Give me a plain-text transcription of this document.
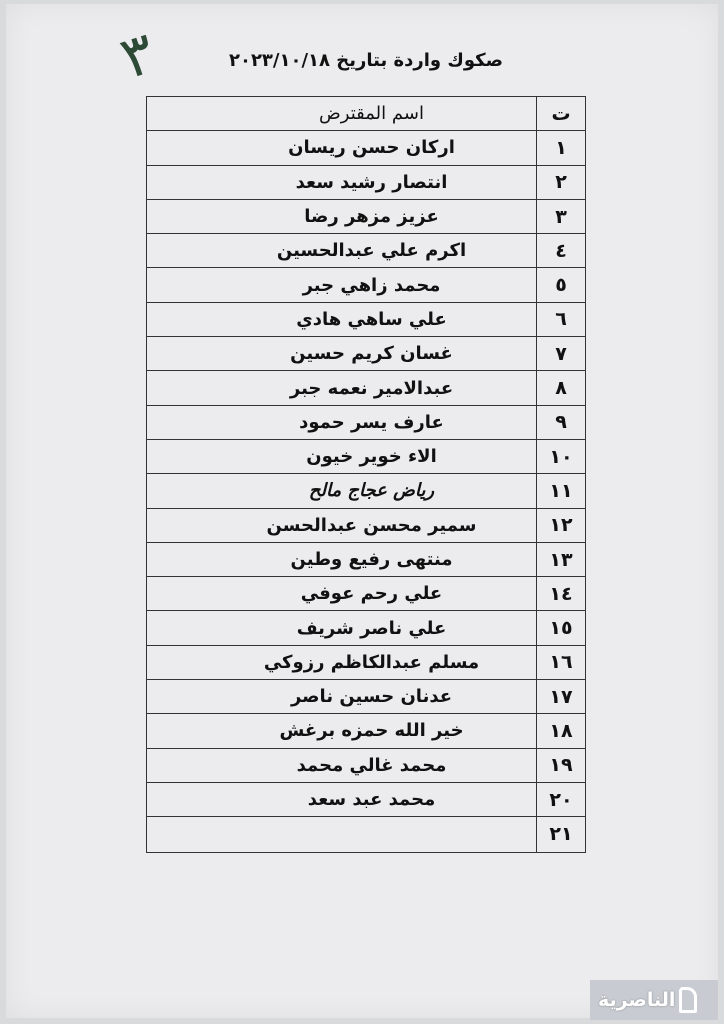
٣	صكوك واردة بتاريخ ٢٠٢٣/١٠/١٨
ت
اسم المقترض
١
اركان حسن ريسان
٢
انتصار رشيد سعد
٣
عزيز مزهر رضا
٤
اكرم علي عبدالحسين
٥
محمد زاهي جبر
٦
علي ساهي هادي
٧
غسان كريم حسين
٨
عبدالامير نعمه جبر
٩
عارف يسر حمود
١٠
الاء خوير خيون
١١
رياض عجاج مالح
١٢
سمير محسن عبدالحسن
١٣
منتهى رفيع وطين
١٤
علي رحم عوفي
١٥
علي ناصر شريف
١٦
مسلم عبدالكاظم رزوكي
١٧
عدنان حسين ناصر
١٨
خير الله حمزه برغش
١٩
محمد غالي محمد
٢٠
محمد عبد سعد
٢١
الناصرية
